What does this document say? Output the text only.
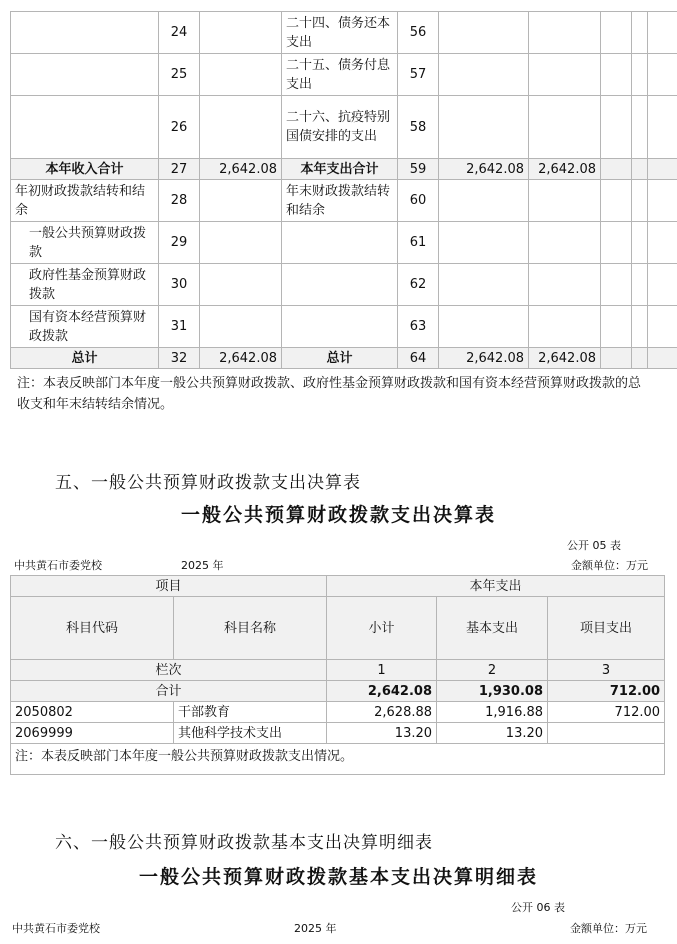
	24		二十四、债务还本支出	56					
	25		二十五、债务付息支出	57					
	26		二十六、抗疫特别国债安排的支出	58					
本年收入合计	27	2,642.08	本年支出合计	59	2,642.08	2,642.08			
年初财政拨款结转和结余	28		年末财政拨款结转和结余	60					
一般公共预算财政拨款	29			61					
政府性基金预算财政拨款	30			62					
国有资本经营预算财政拨款	31			63					
总计	32	2,642.08	总计	64	2,642.08	2,642.08			
注：本表反映部门本年度一般公共预算财政拨款、政府性基金预算财政拨款和国有资本经营预算财政拨款的总收支和年末结转结余情况。
五、一般公共预算财政拨款支出决算表
一般公共预算财政拨款支出决算表
公开 05 表
中共黄石市委党校	2025 年	金额单位：万元
项目		本年支出		
科目代码	科目名称	小计	基本支出	项目支出
栏次		1	2	3
合计		2,642.08	1,930.08	712.00
2050802	干部教育	2,628.88	1,916.88	712.00
2069999	其他科学技术支出	13.20	13.20	
注：本表反映部门本年度一般公共预算财政拨款支出情况。				
六、一般公共预算财政拨款基本支出决算明细表
一般公共预算财政拨款基本支出决算明细表
公开 06 表
中共黄石市委党校	2025 年	金额单位：万元
